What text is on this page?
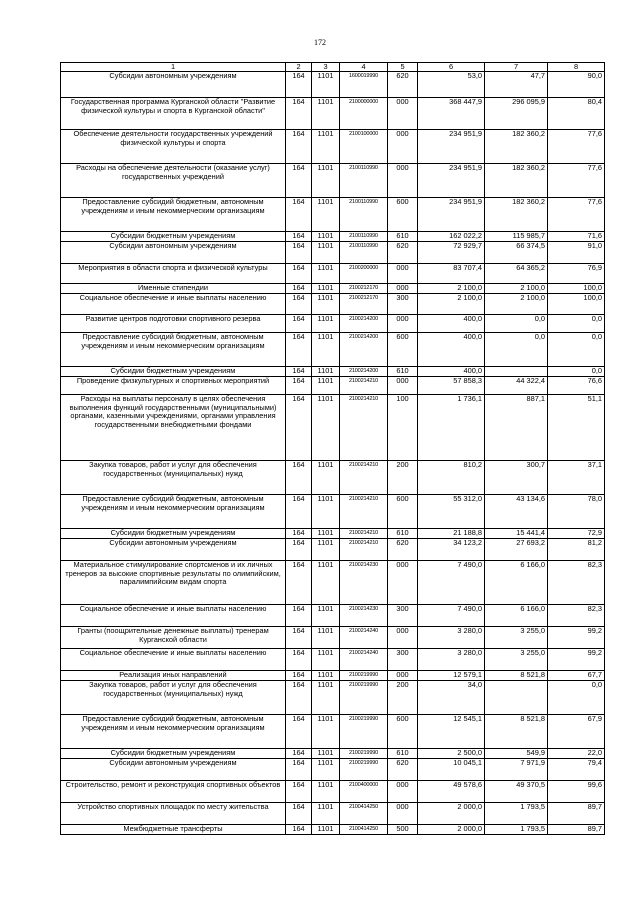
172
1	2	3	4	5	6	7	8
Субсидии автономным учреждениям	164	1101	1600019990	620	53,0	47,7	90,0
Государственная программа Курганской области "Развитие физической культуры и спорта в Курганской области"	164	1101	2100000000	000	368 447,9	296 095,9	80,4
Обеспечение деятельности государственных учреждений физической культуры и спорта	164	1101	2100100000	000	234 951,9	182 360,2	77,6
Расходы на обеспечение деятельности (оказание услуг) государственных учреждений	164	1101	2100110990	000	234 951,9	182 360,2	77,6
Предоставление субсидий бюджетным, автономным учреждениям и иным некоммерческим организациям	164	1101	2100110990	600	234 951,9	182 360,2	77,6
Субсидии бюджетным учреждениям	164	1101	2100110990	610	162 022,2	115 985,7	71,6
Субсидии автономным учреждениям	164	1101	2100110990	620	72 929,7	66 374,5	91,0
Мероприятия в области спорта и физической культуры	164	1101	2100200000	000	83 707,4	64 365,2	76,9
Именные стипендии	164	1101	2100212170	000	2 100,0	2 100,0	100,0
Социальное обеспечение и иные выплаты населению	164	1101	2100212170	300	2 100,0	2 100,0	100,0
Развитие центров подготовки спортивного резерва	164	1101	2100214200	000	400,0	0,0	0,0
Предоставление субсидий бюджетным, автономным учреждениям и иным некоммерческим организациям	164	1101	2100214200	600	400,0	0,0	0,0
Субсидии бюджетным учреждениям	164	1101	2100214200	610	400,0		0,0
Проведение физкультурных и спортивных мероприятий	164	1101	2100214210	000	57 858,3	44 322,4	76,6
Расходы на выплаты персоналу в целях обеспечения выполнения функций государственными (муниципальными) органами, казенными учреждениями, органами управления государственными внебюджетными фондами	164	1101	2100214210	100	1 736,1	887,1	51,1
Закупка товаров, работ и услуг для обеспечения государственных (муниципальных) нужд	164	1101	2100214210	200	810,2	300,7	37,1
Предоставление субсидий бюджетным, автономным учреждениям и иным некоммерческим организациям	164	1101	2100214210	600	55 312,0	43 134,6	78,0
Субсидии бюджетным учреждениям	164	1101	2100214210	610	21 188,8	15 441,4	72,9
Субсидии автономным учреждениям	164	1101	2100214210	620	34 123,2	27 693,2	81,2
Материальное стимулирование спортсменов и их личных тренеров за высокие спортивные результаты по олимпийским, паралимпийским видам спорта	164	1101	2100214230	000	7 490,0	6 166,0	82,3
Социальное обеспечение и иные выплаты населению	164	1101	2100214230	300	7 490,0	6 166,0	82,3
Гранты (поощрительные денежные выплаты) тренерам Курганской области	164	1101	2100214240	000	3 280,0	3 255,0	99,2
Социальное обеспечение и иные выплаты населению	164	1101	2100214240	300	3 280,0	3 255,0	99,2
Реализация иных направлений	164	1101	2100219990	000	12 579,1	8 521,8	67,7
Закупка товаров, работ и услуг для обеспечения государственных (муниципальных) нужд	164	1101	2100219990	200	34,0		0,0
Предоставление субсидий бюджетным, автономным учреждениям и иным некоммерческим организациям	164	1101	2100219990	600	12 545,1	8 521,8	67,9
Субсидии бюджетным учреждениям	164	1101	2100219990	610	2 500,0	549,9	22,0
Субсидии автономным учреждениям	164	1101	2100219990	620	10 045,1	7 971,9	79,4
Строительство, ремонт и реконструкция спортивных объектов	164	1101	2100400000	000	49 578,6	49 370,5	99,6
Устройство спортивных площадок по месту жительства	164	1101	2100414250	000	2 000,0	1 793,5	89,7
Межбюджетные трансферты	164	1101	2100414250	500	2 000,0	1 793,5	89,7
